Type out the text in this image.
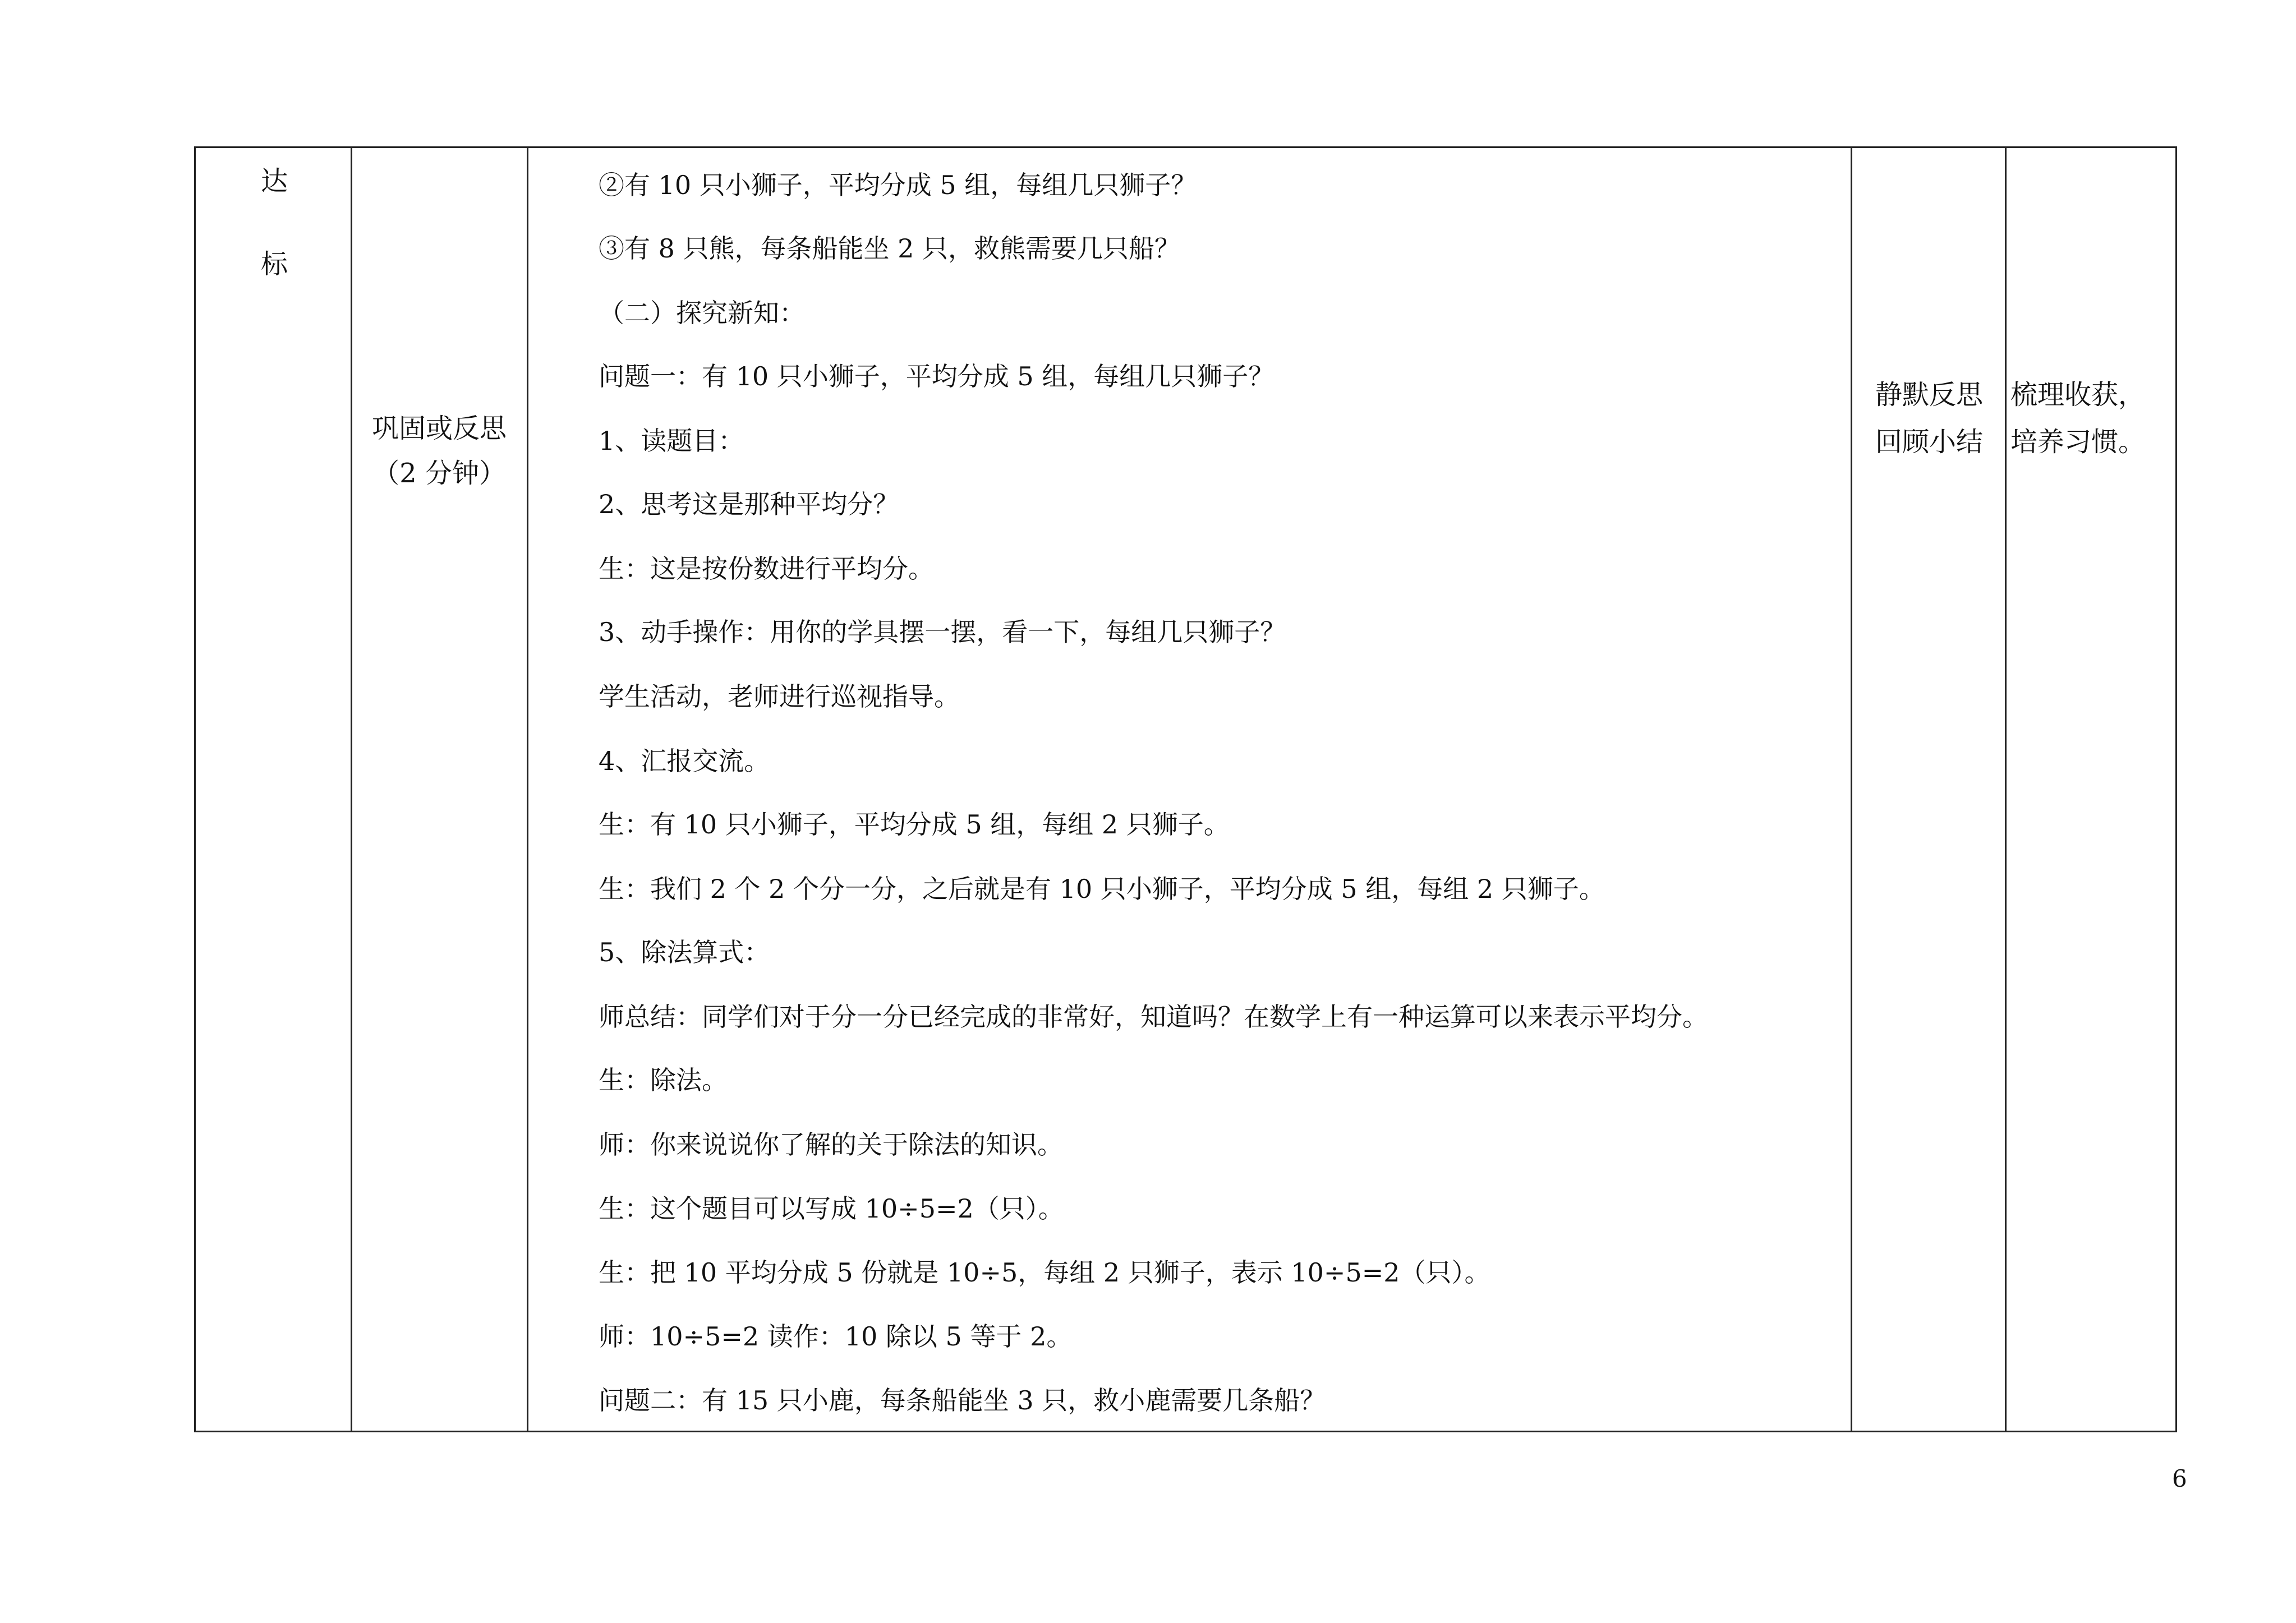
达
标
巩固或反思
（2 分钟）
②有 10 只小狮子，平均分成 5 组，每组几只狮子？
③有 8 只熊，每条船能坐 2 只，救熊需要几只船？
（二）探究新知：
问题一：有 10 只小狮子，平均分成 5 组，每组几只狮子？
1、读题目：
2、思考这是那种平均分？
生：这是按份数进行平均分。
3、动手操作：用你的学具摆一摆，看一下，每组几只狮子？
学生活动，老师进行巡视指导。
4、汇报交流。
生：有 10 只小狮子，平均分成 5 组，每组 2 只狮子。
生：我们 2 个 2 个分一分，之后就是有 10 只小狮子，平均分成 5 组，每组 2 只狮子。
5、除法算式：
师总结：同学们对于分一分已经完成的非常好，知道吗？在数学上有一种运算可以来表示平均分。
生：除法。
师：你来说说你了解的关于除法的知识。
生：这个题目可以写成 10÷5=2（只）。
生：把 10 平均分成 5 份就是 10÷5，每组 2 只狮子，表示 10÷5=2（只）。
师：10÷5=2 读作：10 除以 5 等于 2。
问题二：有 15 只小鹿，每条船能坐 3 只，救小鹿需要几条船？
静默反思
回顾小结
梳理收获，
培养习惯。
6
